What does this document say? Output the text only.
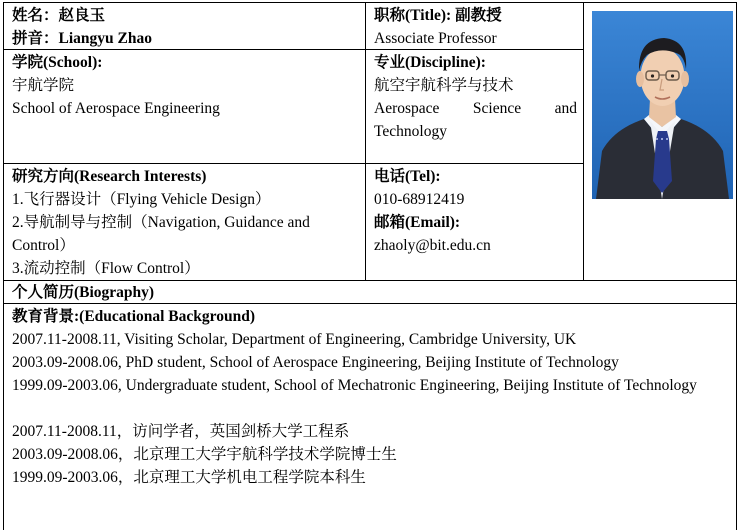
姓名：赵良玉
拼音：Liangyu Zhao
职称(Title): 副教授
Associate Professor
学院(School):
宇航学院
School of Aerospace Engineering
专业(Discipline):
航空宇航科学与技术
Aerospace Science and Technology
研究方向(Research Interests)
1.飞行器设计（Flying Vehicle Design）
2.导航制导与控制（Navigation, Guidance and Control）
3.流动控制（Flow Control）
电话(Tel):
010-68912419
邮箱(Email):
zhaoly@bit.edu.cn
个人简历(Biography)
教育背景:(Educational Background)
2007.11-2008.11, Visiting Scholar, Department of Engineering, Cambridge University, UK
2003.09-2008.06, PhD student, School of Aerospace Engineering, Beijing Institute of Technology
1999.09-2003.06, Undergraduate student, School of Mechatronic Engineering, Beijing Institute of Technology

2007.11-2008.11，访问学者，英国剑桥大学工程系
2003.09-2008.06，北京理工大学宇航科学技术学院博士生
1999.09-2003.06，北京理工大学机电工程学院本科生
